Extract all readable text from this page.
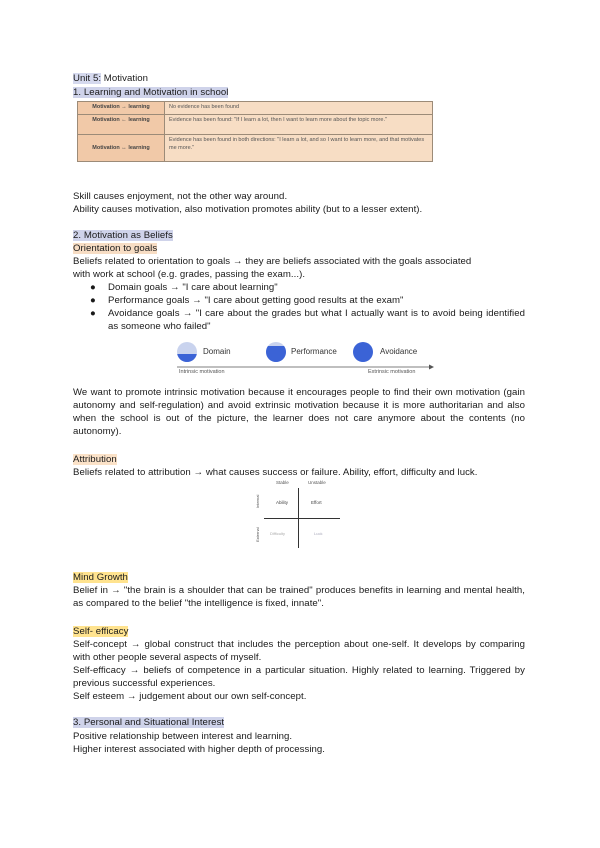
Unit 5: Motivation
1. Learning and Motivation in school
Motivation → learning	No evidence has been found
Motivation ← learning	Evidence has been found: "If I learn a lot, then I want to learn more about the topic more."
Motivation ↔ learning	Evidence has been found in both directions: "I learn a lot, and so I want to learn more, and that motivates me more."
Skill causes enjoyment, not the other way around.
Ability causes motivation, also motivation promotes ability (but to a lesser extent).
2. Motivation as Beliefs
Orientation to goals
Beliefs related to orientation to goals → they are beliefs associated with the goals associated
with work at school (e.g. grades, passing the exam...).
● Domain goals → "I care about learning"
● Performance goals → "I care about getting good results at the exam"
● Avoidance goals → "I care about the grades but what I actually want is to avoid being identified as someone who failed"
Domain	Performance	Avoidance
Intrinsic motivation	Extrinsic motivation
We want to promote intrinsic motivation because it encourages people to find their own motivation (gain autonomy and self-regulation) and avoid extrinsic motivation because it is more authoritarian and also when the school is out of the picture, the learner does not care anymore about the contents (no autonomy).
Attribution
Beliefs related to attribution → what causes success or failure. Ability, effort, difficulty and luck.
Stable	Unstable
Internal
External
Ability	Effort
Difficulty	Luck
Mind Growth
Belief in → "the brain is a shoulder that can be trained" produces benefits in learning and mental health, as compared to the belief "the intelligence is fixed, innate".
Self- efficacy
Self-concept → global construct that includes the perception about one-self. It develops by comparing with other people several aspects of myself.
Self-efficacy → beliefs of competence in a particular situation. Highly related to learning. Triggered by previous successful experiences.
Self esteem → judgement about our own self-concept.
3. Personal and Situational Interest
Positive relationship between interest and learning.
Higher interest associated with higher depth of processing.
